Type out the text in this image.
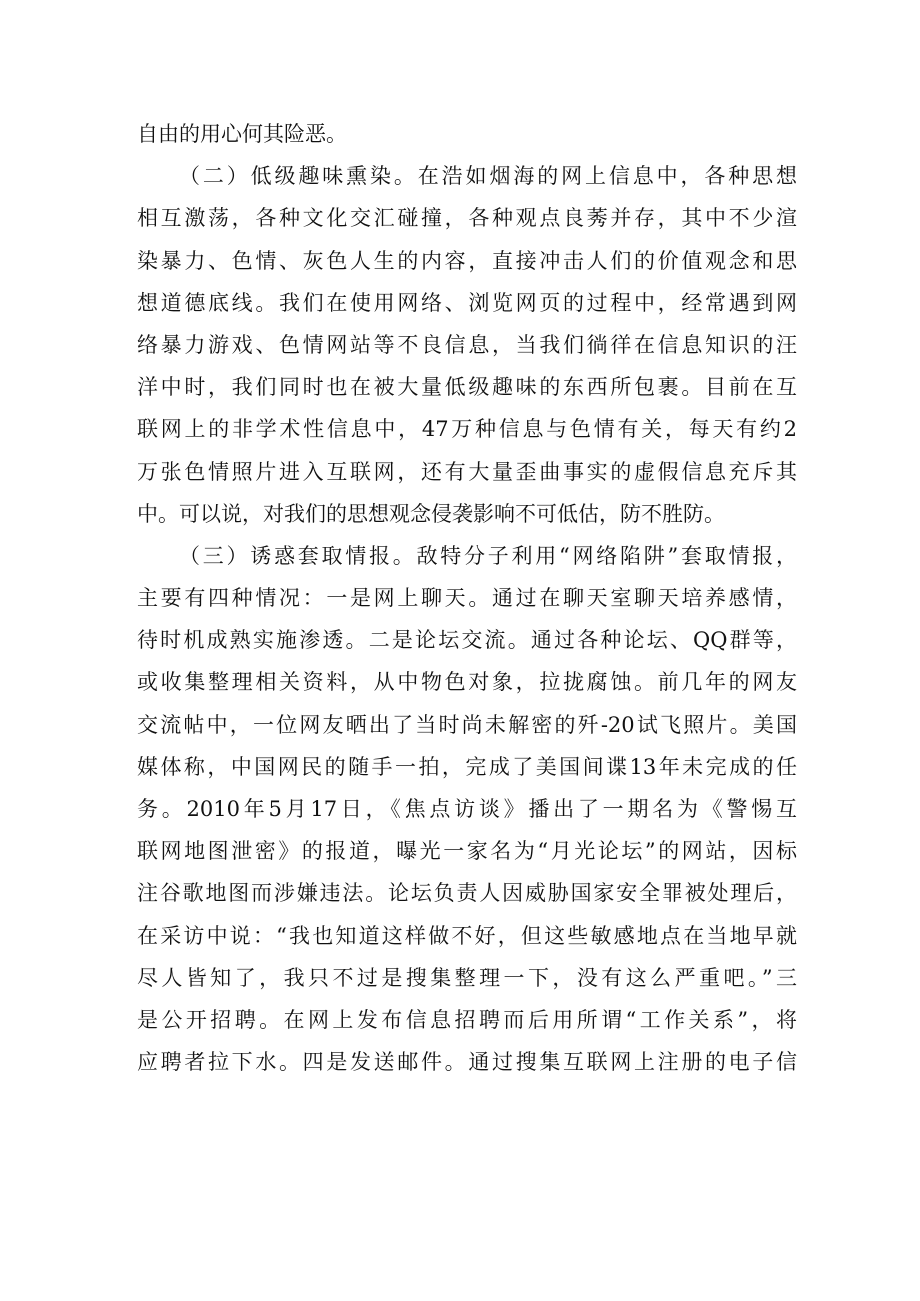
自由的用心何其险恶。
（二）低级趣味熏染。在浩如烟海的网上信息中，各种思想
相互激荡，各种文化交汇碰撞，各种观点良莠并存，其中不少渲
染暴力、色情、灰色人生的内容，直接冲击人们的价值观念和思
想道德底线。我们在使用网络、浏览网页的过程中，经常遇到网
络暴力游戏、色情网站等不良信息，当我们徜徉在信息知识的汪
洋中时，我们同时也在被大量低级趣味的东西所包裹。目前在互
联网上的非学术性信息中，47万种信息与色情有关，每天有约2
万张色情照片进入互联网，还有大量歪曲事实的虚假信息充斥其
中。可以说，对我们的思想观念侵袭影响不可低估，防不胜防。
（三）诱惑套取情报。敌特分子利用“网络陷阱”套取情报，
主要有四种情况：一是网上聊天。通过在聊天室聊天培养感情，
待时机成熟实施渗透。二是论坛交流。通过各种论坛、QQ群等，
或收集整理相关资料，从中物色对象，拉拢腐蚀。前几年的网友
交流帖中，一位网友晒出了当时尚未解密的歼-20试飞照片。美国
媒体称，中国网民的随手一拍，完成了美国间谍13年未完成的任
务。2010年5月17日，《焦点访谈》播出了一期名为《警惕互
联网地图泄密》的报道，曝光一家名为“月光论坛”的网站，因标
注谷歌地图而涉嫌违法。论坛负责人因威胁国家安全罪被处理后，
在采访中说：“我也知道这样做不好，但这些敏感地点在当地早就
尽人皆知了，我只不过是搜集整理一下，没有这么严重吧。”三
是公开招聘。在网上发布信息招聘而后用所谓“工作关系”，将
应聘者拉下水。四是发送邮件。通过搜集互联网上注册的电子信
